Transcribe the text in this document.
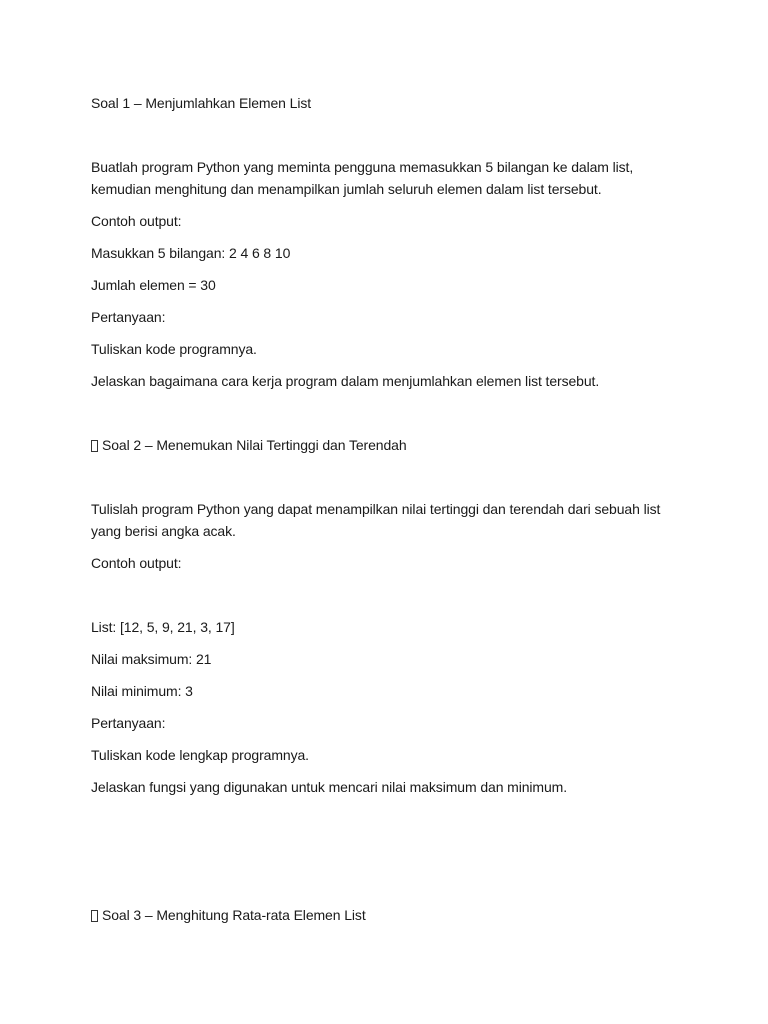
Soal 1 – Menjumlahkan Elemen List
Buatlah program Python yang meminta pengguna memasukkan 5 bilangan ke dalam list,
kemudian menghitung dan menampilkan jumlah seluruh elemen dalam list tersebut.
Contoh output:
Masukkan 5 bilangan: 2 4 6 8 10
Jumlah elemen = 30
Pertanyaan:
Tuliskan kode programnya.
Jelaskan bagaimana cara kerja program dalam menjumlahkan elemen list tersebut.
Soal 2 – Menemukan Nilai Tertinggi dan Terendah
Tulislah program Python yang dapat menampilkan nilai tertinggi dan terendah dari sebuah list
yang berisi angka acak.
Contoh output:
List: [12, 5, 9, 21, 3, 17]
Nilai maksimum: 21
Nilai minimum: 3
Pertanyaan:
Tuliskan kode lengkap programnya.
Jelaskan fungsi yang digunakan untuk mencari nilai maksimum dan minimum.
Soal 3 – Menghitung Rata-rata Elemen List
